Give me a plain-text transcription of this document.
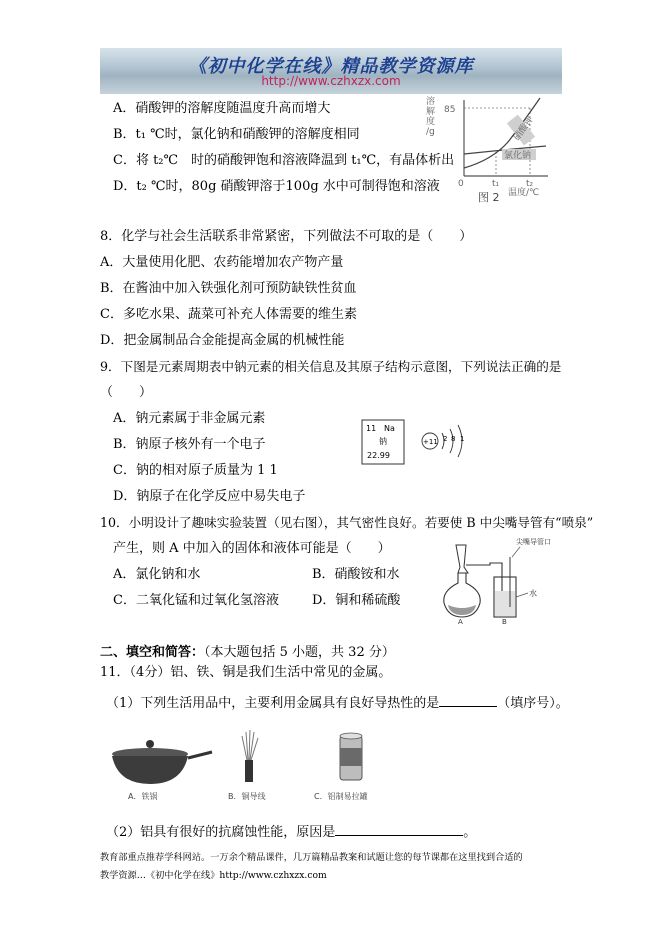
《初中化学在线》精品教学资源库
http://www.czhxzx.com
A．硝酸钾的溶解度随温度升高而增大
B．t₁ ℃时，氯化钠和硝酸钾的溶解度相同
C．将 t₂℃　时的硝酸钾饱和溶液降温到 t₁℃，有晶体析出
D．t₂ ℃时，80g 硝酸钾溶于100g 水中可制得饱和溶液
溶
解
度
/g
85
硝酸钾
氯化钠
0	t₁	t₂
温度/℃
图 2
8．化学与社会生活联系非常紧密，下列做法不可取的是（　　）
A．大量使用化肥、农药能增加农产物产量
B．在酱油中加入铁强化剂可预防缺铁性贫血
C．多吃水果、蔬菜可补充人体需要的维生素
D．把金属制品合金能提高金属的机械性能
9．下图是元素周期表中钠元素的相关信息及其原子结构示意图，下列说法正确的是
（　　）
A．钠元素属于非金属元素
B．钠原子核外有一个电子
C．钠的相对原子质量为 1 1
D．钠原子在化学反应中易失电子
11 Na
钠
22.99
+11 2 8 1
10．小明设计了趣味实验装置（见右图），其气密性良好。若要使 B 中尖嘴导管有“喷泉”
产生，则 A 中加入的固体和液体可能是（　　）
A．氯化钠和水	B．硝酸铵和水
C．二氧化锰和过氧化氢溶液	D．铜和稀硫酸
尖嘴导管口
水
A	B
二、填空和简答：（本大题包括 5 小题，共 32 分）
11．（4分）铝、铁、铜是我们生活中常见的金属。
（1）下列生活用品中，主要利用金属具有良好导热性的是	（填序号）。
A．铁锅	B．铜导线	C．铝制易拉罐
（2）铝具有很好的抗腐蚀性能，原因是	。
教育部重点推荐学科网站。一万余个精品课件，几万篇精品教案和试题让您的每节课都在这里找到合适的
教学资源…《初中化学在线》http://www.czhxzx.com
